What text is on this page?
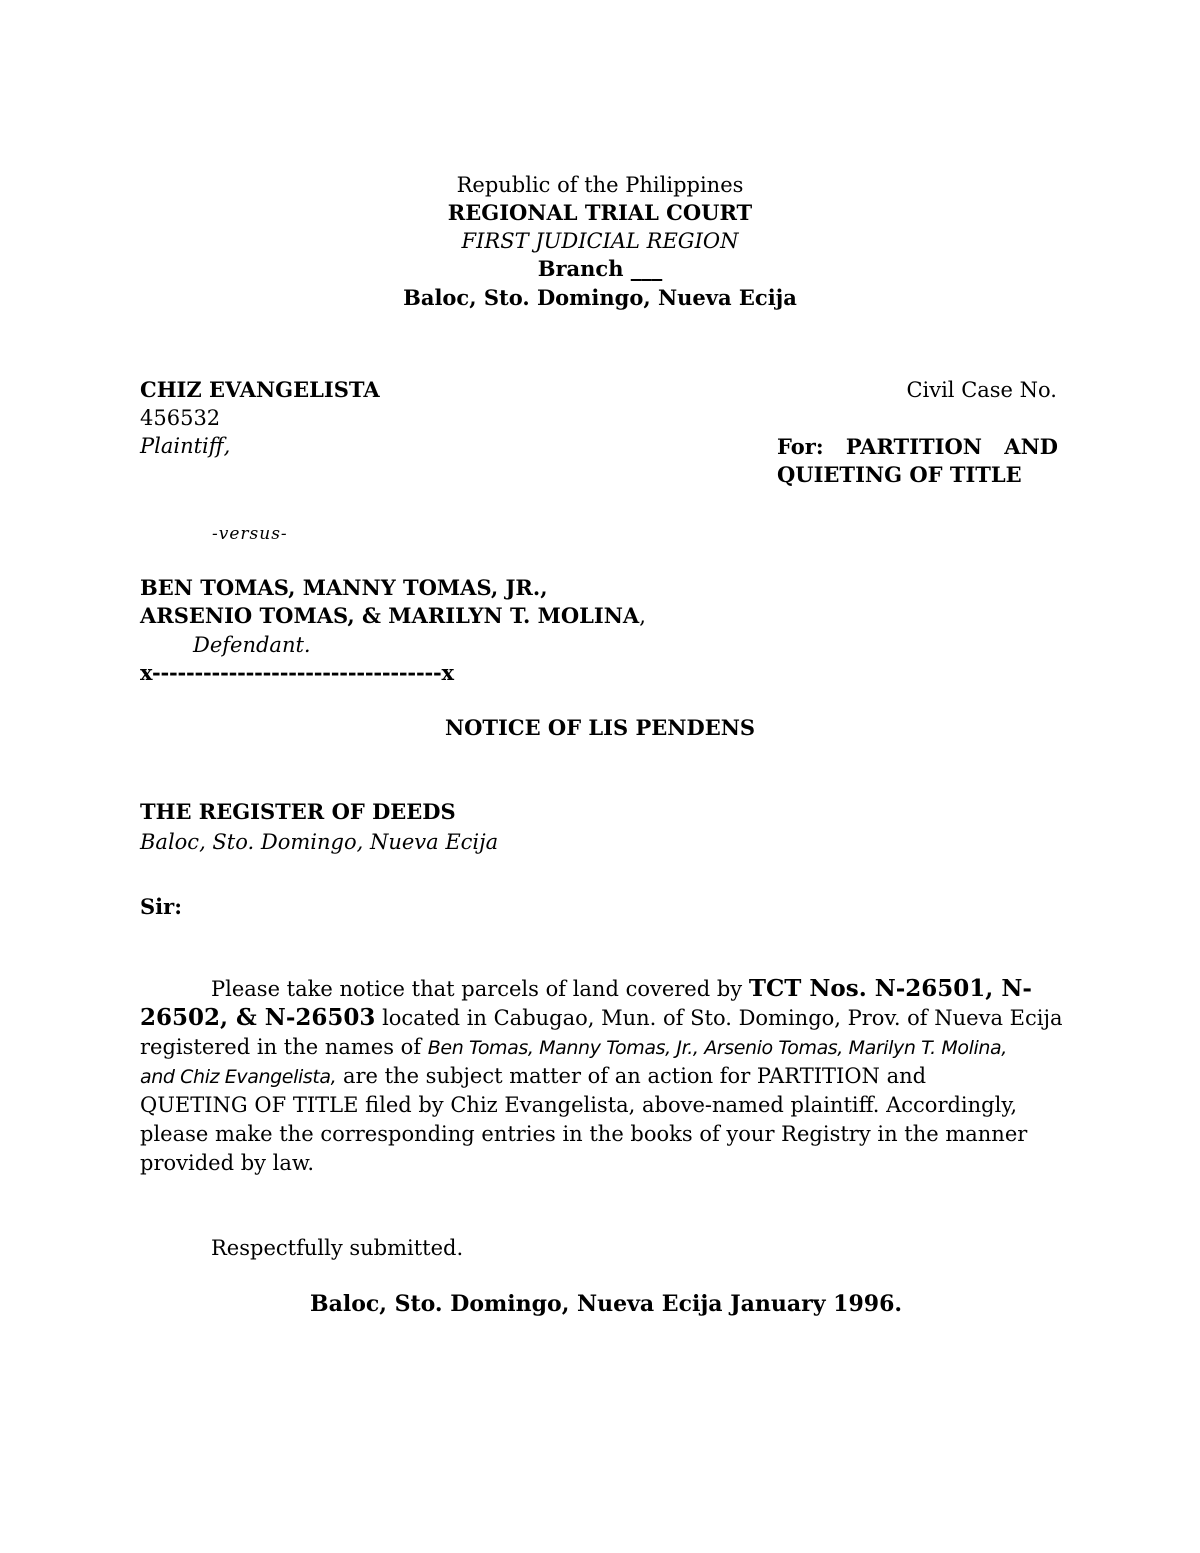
Republic of the Philippines
REGIONAL TRIAL COURT
FIRST JUDICIAL REGION
Branch ___
Baloc, Sto. Domingo, Nueva Ecija
CHIZ EVANGELISTA
456532
Plaintiff,
Civil Case No.
For: PARTITION AND
QUIETING OF TITLE
-versus-
BEN TOMAS, MANNY TOMAS, JR.,
ARSENIO TOMAS, & MARILYN T. MOLINA,
Defendant.
x----------------------------------x
NOTICE OF LIS PENDENS
THE REGISTER OF DEEDS
Baloc, Sto. Domingo, Nueva Ecija
Sir:
Please take notice that parcels of land covered by TCT Nos. N-26501, N-
26502, & N-26503 located in Cabugao, Mun. of Sto. Domingo, Prov. of Nueva Ecija
registered in the names of Ben Tomas, Manny Tomas, Jr., Arsenio Tomas, Marilyn T. Molina,
and Chiz Evangelista, are the subject matter of an action for PARTITION and
QUETING OF TITLE filed by Chiz Evangelista, above-named plaintiff. Accordingly,
please make the corresponding entries in the books of your Registry in the manner
provided by law.
Respectfully submitted.
Baloc, Sto. Domingo, Nueva Ecija January 1996.
